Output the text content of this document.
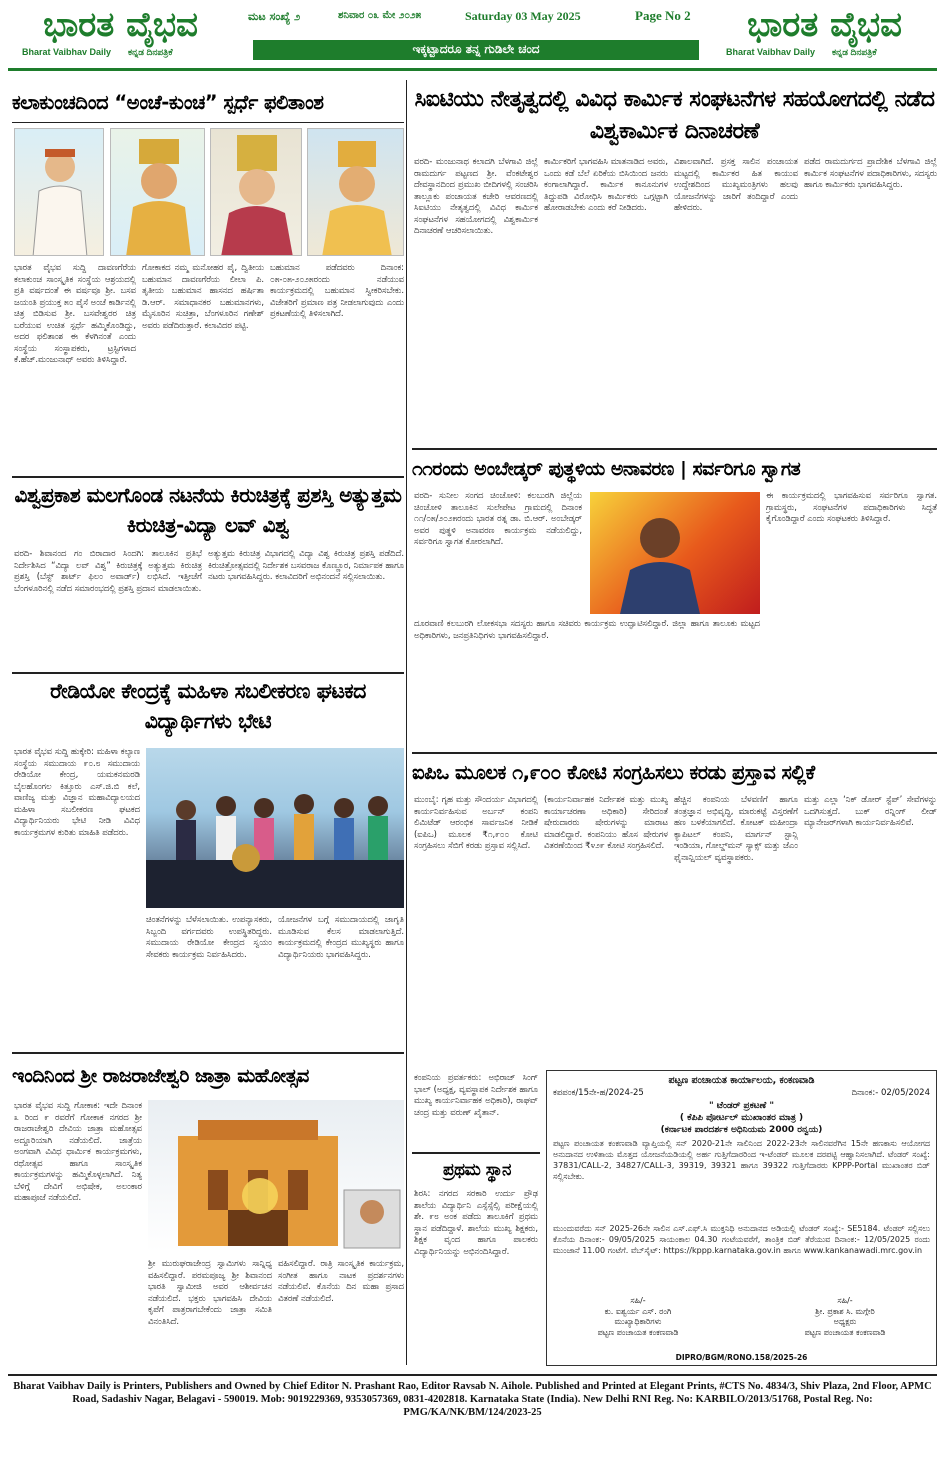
ಭಾರತ ವೈಭವ
Bharat Vaibhav Daily ಕನ್ನಡ ದಿನಪತ್ರಿಕೆ
ಮಟ ಸಂಖ್ಯೆ ೨	ಶನಿವಾರ ೦೩ ಮೇ ೨೦೨೫	Saturday 03 May 2025	Page No 2
ಇಕ್ಕಟ್ಟಾದರೂ ತನ್ನ ಗುಡಿಲೇ ಚಂದ
ಭಾರತ ವೈಭವ
Bharat Vaibhav Daily ಕನ್ನಡ ದಿನಪತ್ರಿಕೆ
ಕಲಾಕುಂಚದಿಂದ “ಅಂಚೆ-ಕುಂಚ” ಸ್ಪರ್ಧೆ ಫಲಿತಾಂಶ
ಭಾರತ ವೈಭವ ಸುದ್ದಿ ದಾವಣಗೆರೆಯ ಕಲಾಕುಂಚ ಸಾಂಸ್ಕೃತಿಕ ಸಂಸ್ಥೆಯ ಆಶ್ರಯದಲ್ಲಿ ಪ್ರತಿ ವರ್ಷದಂತೆ ಈ ವರ್ಷವೂ ಶ್ರೀ. ಬಸವ ಜಯಂತಿ ಪ್ರಯುಕ್ತ ೫೦ ಪೈಸೆ ಅಂಚೆ ಕಾರ್ಡಿನಲ್ಲಿ ಚಿತ್ರ ಬಿಡಿಸುವ ಶ್ರೀ. ಬಸವೇಶ್ವರರ ಚಿತ್ರ ಬರೆಯುವ ಉಚಿತ ಸ್ಪರ್ಧೆ ಹಮ್ಮಿಕೊಂಡಿದ್ದು, ಅದರ ಫಲಿತಾಂಶ ಈ ಕೆಳಗಿನಂತೆ ಎಂದು ಸಂಸ್ಥೆಯ ಸಂಸ್ಥಾಪಕರು, ಟ್ರಸ್ಟಿಗಳಾದ ಕೆ.ಹೆಚ್.ಮಂಜುನಾಥ್ ಅವರು ತಿಳಿಸಿದ್ದಾರೆ.
ಗೋಕಾಕದ ನಮ್ಮ ಮನೋಹರ ಪೈ, ದ್ವಿತೀಯ ಬಹುಮಾನ ದಾವಣಗೆರೆಯ ಲೀಲಾ ಪಿ. ತೃತೀಯ ಬಹುಮಾನ ಹಾಸನದ ಹರ್ಷಿತಾ ಡಿ.ಆರ್. ಸಮಾಧಾನಕರ ಬಹುಮಾನಗಳು, ಮೈಸೂರಿನ ಸುಚಿತ್ರಾ, ಬೆಂಗಳೂರಿನ ಗಣೇಶ್ ಅವರು ಪಡೆದಿರುತ್ತಾರೆ. ಕಲಾವಿದರ ಪಟ್ಟಿ.
ಬಹುಮಾನ ಪಡೆದವರು ದಿನಾಂಕ: ೦೫-೦೫-೨೦೨೫ರಂದು ನಡೆಯುವ ಕಾರ್ಯಕ್ರಮದಲ್ಲಿ ಬಹುಮಾನ ಸ್ವೀಕರಿಸಬೇಕು. ವಿಜೇತರಿಗೆ ಪ್ರಮಾಣ ಪತ್ರ ನೀಡಲಾಗುವುದು ಎಂದು ಪ್ರಕಟಣೆಯಲ್ಲಿ ತಿಳಿಸಲಾಗಿದೆ.
ವಿಶ್ವಪ್ರಕಾಶ ಮಲಗೊಂಡ ನಟನೆಯ ಕಿರುಚಿತ್ರಕ್ಕೆ ಪ್ರಶಸ್ತಿ ಅತ್ಯುತ್ತಮ ಕಿರುಚಿತ್ರ-ವಿದ್ಯಾ ಲವ್ ವಿಶ್ವ
ವರದಿ- ಶಿವಾನಂದ ಗಂ ಬಿರಾದಾರ ಸಿಂದಗಿ: ತಾಲೂಕಿನ ಪ್ರತಿಭೆ ನಿರ್ದೇಶಿಸಿದ “ವಿದ್ಯಾ ಲವ್ ವಿಶ್ವ” ಕಿರುಚಿತ್ರಕ್ಕೆ ಅತ್ಯುತ್ತಮ ಕಿರುಚಿತ್ರ ಪ್ರಶಸ್ತಿ (ಬೆಸ್ಟ್ ಶಾರ್ಟ್ ಫಿಲಂ ಅವಾರ್ಡ್) ಲಭಿಸಿದೆ. ಇತ್ತೀಚೆಗೆ ಬೆಂಗಳೂರಿನಲ್ಲಿ ನಡೆದ ಸಮಾರಂಭದಲ್ಲಿ ಪ್ರಶಸ್ತಿ ಪ್ರದಾನ ಮಾಡಲಾಯಿತು.
ಅತ್ಯುತ್ತಮ ಕಿರುಚಿತ್ರ ವಿಭಾಗದಲ್ಲಿ ವಿದ್ಯಾ ವಿಶ್ವ ಕಿರುಚಿತ್ರ ಪ್ರಶಸ್ತಿ ಪಡೆದಿದೆ. ಕಿರುಚಿತ್ರೋತ್ಸವದಲ್ಲಿ ನಿರ್ದೇಶಕ ಬಸವರಾಜ ಕೊಣ್ಣೂರ, ನಿರ್ಮಾಪಕ ಹಾಗೂ ನಟರು ಭಾಗವಹಿಸಿದ್ದರು. ಕಲಾವಿದರಿಗೆ ಅಭಿನಂದನೆ ಸಲ್ಲಿಸಲಾಯಿತು.
ರೇಡಿಯೋ ಕೇಂದ್ರಕ್ಕೆ ಮಹಿಳಾ ಸಬಲೀಕರಣ ಘಟಕದ ವಿದ್ಯಾರ್ಥಿಗಳು ಭೇಟಿ
ಭಾರತ ವೈಭವ ಸುದ್ದಿ ಹುಕ್ಕೇರಿ: ಮಹಿಳಾ ಕಲ್ಯಾಣ ಸಂಸ್ಥೆಯ ಸಮುದಾಯ ೯೦.೮ ಸಮುದಾಯ ರೇಡಿಯೋ ಕೇಂದ್ರ, ಯಮಕನಮರಡಿ ಬೈಲಹೊಂಗಲ ಕಿತ್ತೂರು ಎಸ್.ಜಿ.ಬಿ ಕಲೆ, ವಾಣಿಜ್ಯ ಮತ್ತು ವಿಜ್ಞಾನ ಮಹಾವಿದ್ಯಾಲಯದ ಮಹಿಳಾ ಸಬಲೀಕರಣ ಘಟಕದ ವಿದ್ಯಾರ್ಥಿನಿಯರು ಭೇಟಿ ನೀಡಿ ವಿವಿಧ ಕಾರ್ಯಕ್ರಮಗಳ ಕುರಿತು ಮಾಹಿತಿ ಪಡೆದರು.
ಚಿಂತನೆಗಳನ್ನು ಬೆಳೆಸಲಾಯಿತು. ಉಪನ್ಯಾಸಕರು, ಸಿಬ್ಬಂದಿ ವರ್ಗದವರು ಉಪಸ್ಥಿತರಿದ್ದರು. ಸಮುದಾಯ ರೇಡಿಯೋ ಕೇಂದ್ರದ ಸ್ವಯಂ ಸೇವಕರು ಕಾರ್ಯಕ್ರಮ ನಿರ್ವಹಿಸಿದರು.
ಯೋಜನೆಗಳ ಬಗ್ಗೆ ಸಮುದಾಯದಲ್ಲಿ ಜಾಗೃತಿ ಮೂಡಿಸುವ ಕೆಲಸ ಮಾಡಲಾಗುತ್ತಿದೆ. ಕಾರ್ಯಕ್ರಮದಲ್ಲಿ ಕೇಂದ್ರದ ಮುಖ್ಯಸ್ಥರು ಹಾಗೂ ವಿದ್ಯಾರ್ಥಿನಿಯರು ಭಾಗವಹಿಸಿದ್ದರು.
ಇಂದಿನಿಂದ ಶ್ರೀ ರಾಜರಾಜೇಶ್ವರಿ ಜಾತ್ರಾ ಮಹೋತ್ಸವ
ಭಾರತ ವೈಭವ ಸುದ್ದಿ ಗೋಕಾಕ: ಇದೇ ದಿನಾಂಕ ೩ ರಿಂದ ೯ ರವರೆಗೆ ಗೋಕಾಕ ನಗರದ ಶ್ರೀ ರಾಜರಾಜೇಶ್ವರಿ ದೇವಿಯ ಜಾತ್ರಾ ಮಹೋತ್ಸವ ಅದ್ದೂರಿಯಾಗಿ ನಡೆಯಲಿದೆ. ಜಾತ್ರೆಯ ಅಂಗವಾಗಿ ವಿವಿಧ ಧಾರ್ಮಿಕ ಕಾರ್ಯಕ್ರಮಗಳು, ರಥೋತ್ಸವ ಹಾಗೂ ಸಾಂಸ್ಕೃತಿಕ ಕಾರ್ಯಕ್ರಮಗಳನ್ನು ಹಮ್ಮಿಕೊಳ್ಳಲಾಗಿದೆ. ನಿತ್ಯ ಬೆಳಿಗ್ಗೆ ದೇವಿಗೆ ಅಭಿಷೇಕ, ಅಲಂಕಾರ ಮಹಾಪೂಜೆ ನಡೆಯಲಿದೆ.
ಶ್ರೀ ಮುರುಘರಾಜೇಂದ್ರ ಸ್ವಾಮಿಗಳು ಸಾನ್ನಿಧ್ಯ ವಹಿಸಲಿದ್ದಾರೆ. ಪರಮಪೂಜ್ಯ ಶ್ರೀ ಶಿವಾನಂದ ಭಾರತಿ ಸ್ವಾಮೀಜಿ ಅವರ ಆಶೀರ್ವಚನ ನಡೆಯಲಿದೆ. ಭಕ್ತರು ಭಾಗವಹಿಸಿ ದೇವಿಯ ಕೃಪೆಗೆ ಪಾತ್ರರಾಗಬೇಕೆಂದು ಜಾತ್ರಾ ಸಮಿತಿ ವಿನಂತಿಸಿದೆ.
ವಹಿಸಲಿದ್ದಾರೆ. ರಾತ್ರಿ ಸಾಂಸ್ಕೃತಿಕ ಕಾರ್ಯಕ್ರಮ, ಸಂಗೀತ ಹಾಗೂ ನಾಟಕ ಪ್ರದರ್ಶನಗಳು ನಡೆಯಲಿವೆ. ಕೊನೆಯ ದಿನ ಮಹಾ ಪ್ರಸಾದ ವಿತರಣೆ ನಡೆಯಲಿದೆ.
ಸಿಐಟಿಯು ನೇತೃತ್ವದಲ್ಲಿ ವಿವಿಧ ಕಾರ್ಮಿಕ ಸಂಘಟನೆಗಳ ಸಹಯೋಗದಲ್ಲಿ ನಡೆದ ವಿಶ್ವಕಾರ್ಮಿಕ ದಿನಾಚರಣೆ
ವರದಿ- ಮಂಜುನಾಥ ಕಲಾದಗಿ ಬೆಳಗಾವಿ ಜಿಲ್ಲೆ ರಾಮದುರ್ಗ ಪಟ್ಟಣದ ಶ್ರೀ. ವೆಂಕಟೇಶ್ವರ ದೇವಸ್ಥಾನದಿಂದ ಪ್ರಮುಖ ಬೀದಿಗಳಲ್ಲಿ ಸಂಚರಿಸಿ ತಾಲ್ಲೂಕು ಪಂಚಾಯತ ಕಚೇರಿ ಆವರಣದಲ್ಲಿ ಸಿಐಟಿಯು ನೇತೃತ್ವದಲ್ಲಿ ವಿವಿಧ ಕಾರ್ಮಿಕ ಸಂಘಟನೆಗಳ ಸಹಯೋಗದಲ್ಲಿ ವಿಶ್ವಕಾರ್ಮಿಕ ದಿನಾಚರಣೆ ಆಚರಿಸಲಾಯಿತು.
ಕಾರ್ಮಿಕರಿಗೆ ಭಾಗವಹಿಸಿ ಮಾತನಾಡಿದ ಅವರು, ಒಂದು ಕಡೆ ಬೆಲೆ ಏರಿಕೆಯ ಬಿಸಿಯಿಂದ ಜನರು ಕಂಗಾಲಾಗಿದ್ದಾರೆ. ಕಾರ್ಮಿಕ ಕಾನೂನುಗಳ ತಿದ್ದುಪಡಿ ವಿರೋಧಿಸಿ ಕಾರ್ಮಿಕರು ಒಗ್ಗಟ್ಟಾಗಿ ಹೋರಾಡಬೇಕು ಎಂದು ಕರೆ ನೀಡಿದರು.
ವಿಶಾಲವಾಗಿದೆ. ಪ್ರಸಕ್ತ ಸಾಲಿನ ಪಂಚಾಯತ ಮಟ್ಟದಲ್ಲಿ ಕಾರ್ಮಿಕರ ಹಿತ ಕಾಯುವ ಉದ್ದೇಶದಿಂದ ಮುಖ್ಯಮಂತ್ರಿಗಳು ಹಲವು ಯೋಜನೆಗಳನ್ನು ಜಾರಿಗೆ ತಂದಿದ್ದಾರೆ ಎಂದು ಹೇಳಿದರು.
ಪಡೆದ ರಾಮದುರ್ಗದ ಪ್ರಾದೇಶಿಕ ಬೆಳಗಾವಿ ಜಿಲ್ಲೆ ಕಾರ್ಮಿಕ ಸಂಘಟನೆಗಳ ಪದಾಧಿಕಾರಿಗಳು, ಸದಸ್ಯರು ಹಾಗೂ ಕಾರ್ಮಿಕರು ಭಾಗವಹಿಸಿದ್ದರು.
೧೧ರಂದು ಅಂಬೇಡ್ಕರ್ ಪುತ್ಥಳಿಯ ಅನಾವರಣ | ಸರ್ವರಿಗೂ ಸ್ವಾಗತ
ವರದಿ- ಸುನೀಲ ಸಂಗದ ಚಿಂಚೋಳಿ: ಕಲಬುರಗಿ ಜಿಲ್ಲೆಯ ಚಿಂಚೋಳಿ ತಾಲೂಕಿನ ಸುಲೇಪೇಟ ಗ್ರಾಮದಲ್ಲಿ ದಿನಾಂಕ ೧೧/೦೫/೨೦೨೫ರಂದು ಭಾರತ ರತ್ನ ಡಾ. ಬಿ.ಆರ್. ಅಂಬೇಡ್ಕರ್ ಅವರ ಪುತ್ಥಳಿ ಅನಾವರಣ ಕಾರ್ಯಕ್ರಮ ನಡೆಯಲಿದ್ದು, ಸರ್ವರಿಗೂ ಸ್ವಾಗತ ಕೋರಲಾಗಿದೆ.
ದೂರವಾಣಿ ಕಲಬುರಗಿ ಲೋಕಸಭಾ ಸದಸ್ಯರು ಹಾಗೂ ಸಚಿವರು ಕಾರ್ಯಕ್ರಮ ಉದ್ಘಾಟಿಸಲಿದ್ದಾರೆ. ಜಿಲ್ಲಾ ಹಾಗೂ ತಾಲೂಕು ಮಟ್ಟದ ಅಧಿಕಾರಿಗಳು, ಜನಪ್ರತಿನಿಧಿಗಳು ಭಾಗವಹಿಸಲಿದ್ದಾರೆ.
ಈ ಕಾರ್ಯಕ್ರಮದಲ್ಲಿ ಭಾಗವಹಿಸುವ ಸರ್ವರಿಗೂ ಸ್ವಾಗತ. ಗ್ರಾಮಸ್ಥರು, ಸಂಘಟನೆಗಳ ಪದಾಧಿಕಾರಿಗಳು ಸಿದ್ಧತೆ ಕೈಗೊಂಡಿದ್ದಾರೆ ಎಂದು ಸಂಘಟಕರು ತಿಳಿಸಿದ್ದಾರೆ.
ಐಪಿಒ ಮೂಲಕ ೧,೯೦೦ ಕೋಟಿ ಸಂಗ್ರಹಿಸಲು ಕರಡು ಪ್ರಸ್ತಾವ ಸಲ್ಲಿಕೆ
ಮುಂಬೈ: ಗೃಹ ಮತ್ತು ಸೌಂದರ್ಯ ವಿಭಾಗದಲ್ಲಿ ಕಾರ್ಯನಿರ್ವಹಿಸುವ ಅರ್ಬನ್ ಕಂಪನಿ ಲಿಮಿಟೆಡ್ ಆರಂಭಿಕ ಸಾರ್ವಜನಿಕ ನೀಡಿಕೆ (ಐಪಿಒ) ಮೂಲಕ ₹೧,೯೦೦ ಕೋಟಿ ಸಂಗ್ರಹಿಸಲು ಸೆಬಿಗೆ ಕರಡು ಪ್ರಸ್ತಾವ ಸಲ್ಲಿಸಿದೆ.
(ಕಾರ್ಯನಿರ್ವಾಹಕ ನಿರ್ದೇಶಕ ಮತ್ತು ಮುಖ್ಯ ಕಾರ್ಯಾಚರಣಾ ಅಧಿಕಾರಿ) ಸೇರಿದಂತೆ ಷೇರುದಾರರು ಷೇರುಗಳನ್ನು ಮಾರಾಟ ಮಾಡಲಿದ್ದಾರೆ. ಕಂಪನಿಯು ಹೊಸ ಷೇರುಗಳ ವಿತರಣೆಯಿಂದ ₹೪೨೯ ಕೋಟಿ ಸಂಗ್ರಹಿಸಲಿದೆ.
ಹೆಚ್ಚಿನ ಕಂಪನಿಯ ಬೆಳವಣಿಗೆ ಹಾಗೂ ತಂತ್ರಜ್ಞಾನ ಅಭಿವೃದ್ಧಿ, ಮಾರುಕಟ್ಟೆ ವಿಸ್ತರಣೆಗೆ ಹಣ ಬಳಕೆಯಾಗಲಿದೆ. ಕೋಟಕ್ ಮಹೀಂದ್ರಾ ಕ್ಯಾಪಿಟಲ್ ಕಂಪನಿ, ಮಾರ್ಗನ್ ಸ್ಟಾನ್ಲಿ ಇಂಡಿಯಾ, ಗೋಲ್ಡ್‌ಮನ್ ಸ್ಯಾಕ್ಸ್ ಮತ್ತು ಜೆಎಂ ಫೈನಾನ್ಷಿಯಲ್ ವ್ಯವಸ್ಥಾಪಕರು.
ಮತ್ತು ಎಲ್ಲಾ ‘ನಿಕ್ ಡೋರ್ ಸ್ಟೆಪ್’ ಸೇವೆಗಳನ್ನು ಒದಗಿಸುತ್ತದೆ. ಬುಕ್ ರನ್ನಿಂಗ್ ಲೀಡ್ ಮ್ಯಾನೇಜರ್‌ಗಳಾಗಿ ಕಾರ್ಯನಿರ್ವಹಿಸಲಿವೆ.
ಕಂಪನಿಯ ಪ್ರವರ್ತಕರು: ಅಭಿರಾಜ್ ಸಿಂಗ್ ಭಾಲ್ (ಅಧ್ಯಕ್ಷ, ವ್ಯವಸ್ಥಾಪಕ ನಿರ್ದೇಶಕ ಹಾಗೂ ಮುಖ್ಯ ಕಾರ್ಯನಿರ್ವಾಹಕ ಅಧಿಕಾರಿ), ರಾಘವ್ ಚಂದ್ರ ಮತ್ತು ವರುಣ್ ಖೈತಾನ್.
ಪ್ರಥಮ ಸ್ಥಾನ
ಶಿರಸಿ: ನಗರದ ಸರಕಾರಿ ಉರ್ದು ಪ್ರೌಢ ಶಾಲೆಯ ವಿದ್ಯಾರ್ಥಿನಿ ಎಸ್ಸೆಸ್ಸೆಲ್ಸಿ ಪರೀಕ್ಷೆಯಲ್ಲಿ ಶೇ. ೯೮ ಅಂಕ ಪಡೆದು ತಾಲೂಕಿಗೆ ಪ್ರಥಮ ಸ್ಥಾನ ಪಡೆದಿದ್ದಾಳೆ. ಶಾಲೆಯ ಮುಖ್ಯ ಶಿಕ್ಷಕರು, ಶಿಕ್ಷಕ ವೃಂದ ಹಾಗೂ ಪಾಲಕರು ವಿದ್ಯಾರ್ಥಿನಿಯನ್ನು ಅಭಿನಂದಿಸಿದ್ದಾರೆ.
ಪಟ್ಟಣ ಪಂಚಾಯತ ಕಾರ್ಯಾಲಯ, ಕಂಕಣವಾಡಿ
ಕಪಪಂಕ/15ನೇ-ಹ/2024-25	ದಿನಾಂಕ:- 02/05/2024
" ಟೆಂಡರ್ ಪ್ರಕಟಣೆ "
( ಕೆಪಿಪಿ ಪೋರ್ಟಲ್ ಮುಖಾಂತರ ಮಾತ್ರ )
(ಕರ್ನಾಟಕ ಪಾರದರ್ಶಕ ಅಧಿನಿಯಮ 2000 ರನ್ವಯ)
ಪಟ್ಟಣ ಪಂಚಾಯತ ಕಂಕಣವಾಡಿ ವ್ಯಾಪ್ತಿಯಲ್ಲಿ ಸನ್ 2020-21ನೇ ಸಾಲಿನಿಂದ 2022-23ನೇ ಸಾಲಿನವರೆಗಿನ 15ನೇ ಹಣಕಾಸು ಆಯೋಗದ ಅನುದಾನದ ಉಳಿತಾಯ ಮೊತ್ತದ ಯೋಜನೆಯಡಿಯಲ್ಲಿ ಅರ್ಹ ಗುತ್ತಿಗೆದಾರರಿಂದ ಇ-ಟೆಂಡರ್ ಮೂಲಕ ದರಪಟ್ಟಿ ಆಹ್ವಾನಿಸಲಾಗಿದೆ. ಟೆಂಡರ್ ಸಂಖ್ಯೆ: 37831/CALL-2, 34827/CALL-3, 39319, 39321 ಹಾಗೂ 39322 ಗುತ್ತಿಗೆದಾರರು KPPP-Portal ಮುಖಾಂತರ ಬಿಡ್ ಸಲ್ಲಿಸಬೇಕು.
ಮುಂದುವರೆದು ಸನ್ 2025-26ನೇ ಸಾಲಿನ ಎಸ್.ಎಫ್.ಸಿ ಮುಕ್ತನಿಧಿ ಅನುದಾನದ ಅಡಿಯಲ್ಲಿ ಟೆಂಡರ್ ಸಂಖ್ಯೆ:- SE5184. ಟೆಂಡರ್ ಸಲ್ಲಿಸಲು ಕೊನೆಯ ದಿನಾಂಕ:- 09/05/2025 ಸಾಯಂಕಾಲ 04.30 ಗಂಟೆಯವರೆಗೆ, ತಾಂತ್ರಿಕ ಬಿಡ್ ತೆರೆಯುವ ದಿನಾಂಕ:- 12/05/2025 ರಂದು ಮುಂಜಾನೆ 11.00 ಗಂಟೆಗೆ. ವೆಬ್‌ಸೈಟ್: https://kppp.karnataka.gov.in ಹಾಗೂ www.kankanawadi.mrc.gov.in
ಸಹಿ/-
ಕು. ಐಶ್ವರ್ಯ ಎಸ್. ರಂಗಿ
ಮುಖ್ಯಾಧಿಕಾರಿಗಳು
ಪಟ್ಟಣ ಪಂಚಾಯತ ಕಂಕಣವಾಡಿ
ಸಹಿ/-
ಶ್ರೀ. ಪ್ರಕಾಶ ಸಿ. ಮಗ್ಗೇರಿ
ಅಧ್ಯಕ್ಷರು
ಪಟ್ಟಣ ಪಂಚಾಯತ ಕಂಕಣವಾಡಿ
DIPRO/BGM/RONO.158/2025-26
Bharat Vaibhav Daily is Printers, Publishers and Owned by Chief Editor N. Prashant Rao, Editor Ravsab N. Aihole. Published and Printed at Elegant Prints, #CTS No. 4834/3, Shiv Plaza, 2nd Floor, APMC Road, Sadashiv Nagar, Belagavi - 590019. Mob: 9019229369, 9353057369, 0831-4202818. Karnataka State (India). New Delhi RNI Reg. No: KARBILO/2013/51768, Postal Reg. No: PMG/KA/NK/BM/124/2023-25
